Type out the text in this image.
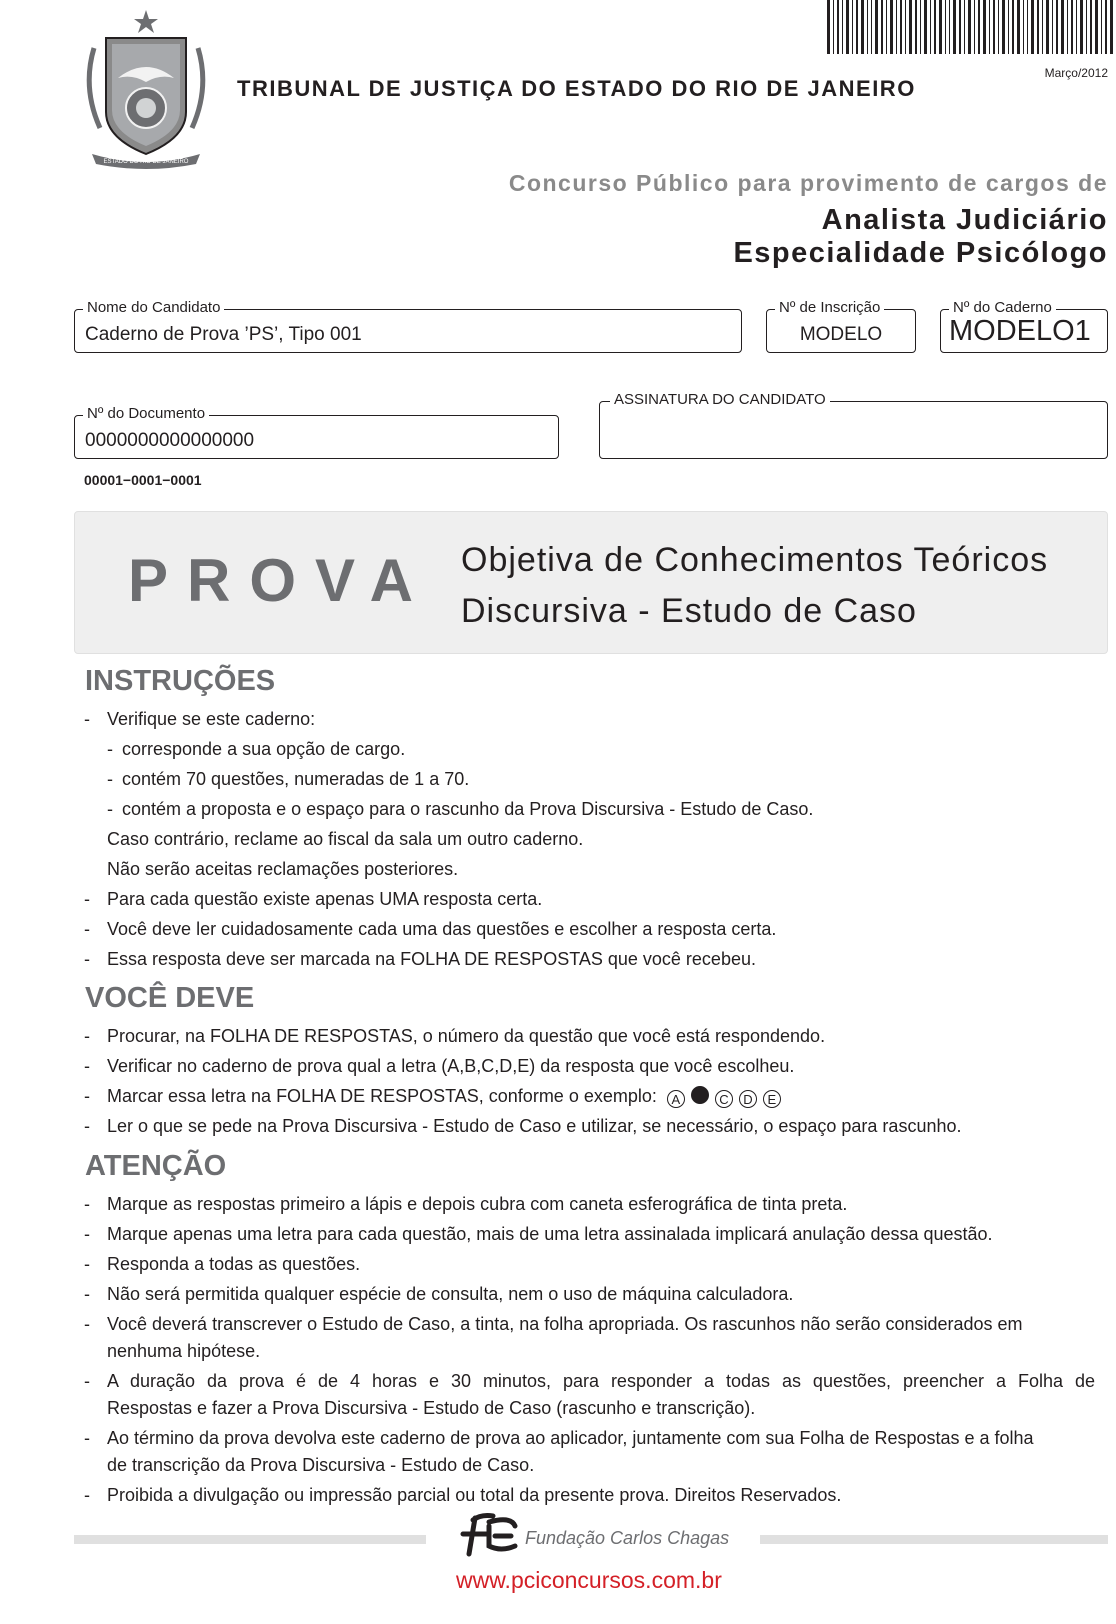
ESTADO DO RIO DE JANEIRO
Março/2012
TRIBUNAL DE JUSTIÇA DO ESTADO DO RIO DE JANEIRO
Concurso Público para provimento de cargos de
Analista Judiciário
Especialidade Psicólogo
Nome do Candidato
Caderno de Prova ’PS’, Tipo 001
Nº de Inscrição
MODELO
Nº do Caderno
MODELO1
Nº do Documento
0000000000000000
ASSINATURA DO CANDIDATO
00001−0001−0001
PROVA Objetiva de Conhecimentos Teóricos
Discursiva - Estudo de Caso
INSTRUÇÕES
- Verifique se este caderno:
- corresponde a sua opção de cargo.
- contém 70 questões, numeradas de 1 a 70.
- contém a proposta e o espaço para o rascunho da Prova Discursiva - Estudo de Caso.
Caso contrário, reclame ao fiscal da sala um outro caderno.
Não serão aceitas reclamações posteriores.
- Para cada questão existe apenas UMA resposta certa.
- Você deve ler cuidadosamente cada uma das questões e escolher a resposta certa.
- Essa resposta deve ser marcada na FOLHA DE RESPOSTAS que você recebeu.
VOCÊ DEVE
- Procurar, na FOLHA DE RESPOSTAS, o número da questão que você está respondendo.
- Verificar no caderno de prova qual a letra (A,B,C,D,E) da resposta que você escolheu.
- Marcar essa letra na FOLHA DE RESPOSTAS, conforme o exemplo: A	C D E
- Ler o que se pede na Prova Discursiva - Estudo de Caso e utilizar, se necessário, o espaço para rascunho.
ATENÇÃO
- Marque as respostas primeiro a lápis e depois cubra com caneta esferográfica de tinta preta.
- Marque apenas uma letra para cada questão, mais de uma letra assinalada implicará anulação dessa questão.
- Responda a todas as questões.
- Não será permitida qualquer espécie de consulta, nem o uso de máquina calculadora.
- Você deverá transcrever o Estudo de Caso, a tinta, na folha apropriada. Os rascunhos não serão considerados em
nenhuma hipótese.
- A duração da prova é de 4 horas e 30 minutos, para responder a todas as questões, preencher a Folha de
Respostas e fazer a Prova Discursiva - Estudo de Caso (rascunho e transcrição).
- Ao término da prova devolva este caderno de prova ao aplicador, juntamente com sua Folha de Respostas e a folha
de transcrição da Prova Discursiva - Estudo de Caso.
- Proibida a divulgação ou impressão parcial ou total da presente prova. Direitos Reservados.
Fundação Carlos Chagas
www.pciconcursos.com.br
